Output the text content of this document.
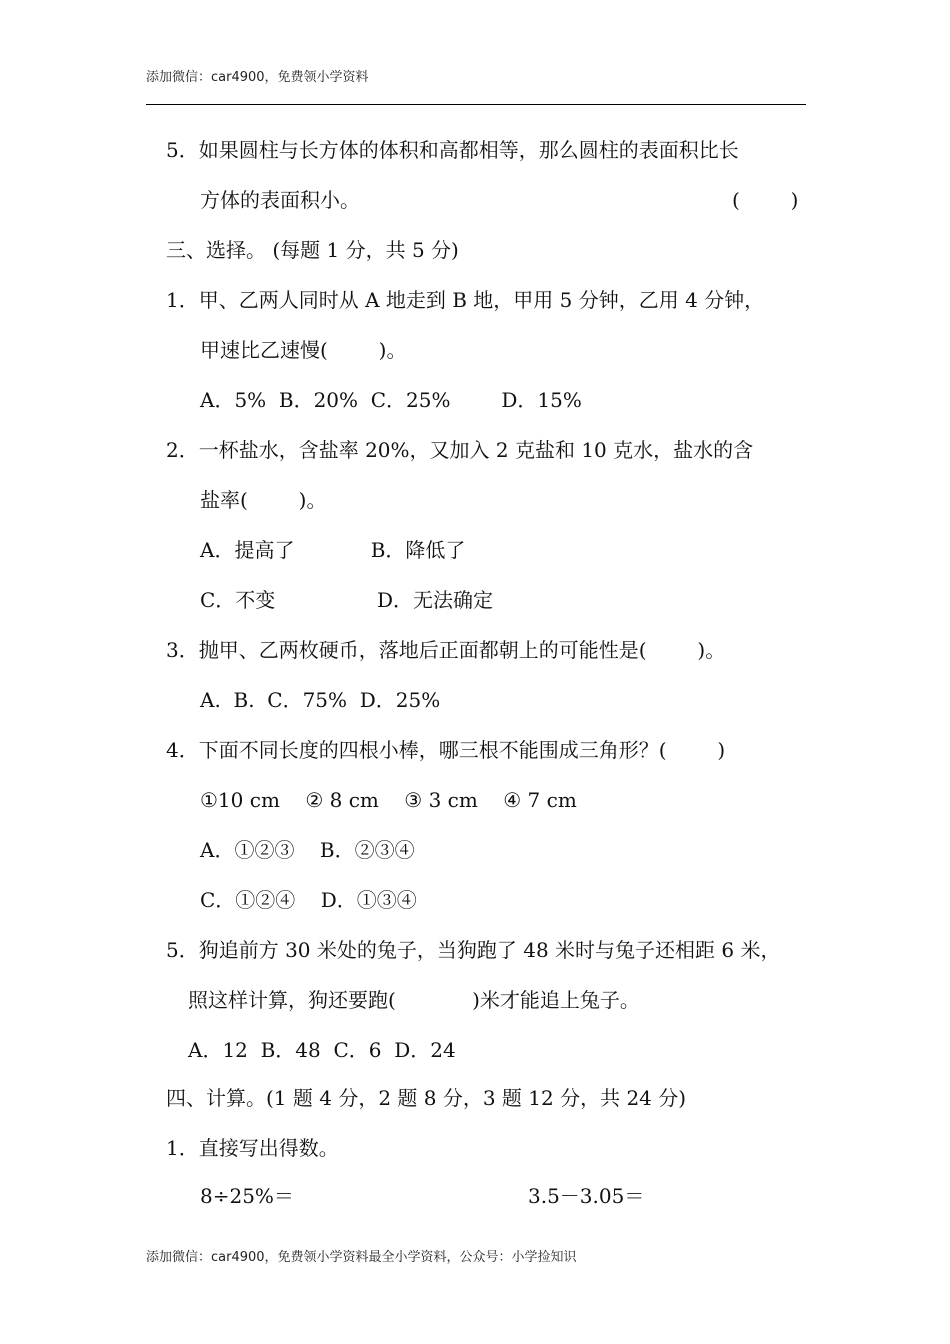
添加微信：car4900，免费领小学资料
5．如果圆柱与长方体的体积和高都相等，那么圆柱的表面积比长
方体的表面积小。	(        )
三、选择。 (每题 1 分，共 5 分)
1．甲、乙两人同时从 A 地走到 B 地，甲用 5 分钟，乙用 4 分钟，
甲速比乙速慢(        )。
A．5%  B．20%  C．25%        D．15%
2．一杯盐水，含盐率 20%，又加入 2 克盐和 10 克水，盐水的含
盐率(        )。
A．提高了            B．降低了
C．不变                D．无法确定
3．抛甲、乙两枚硬币，落地后正面都朝上的可能性是(        )。
A.  B.  C．75%  D．25%
4．下面不同长度的四根小棒，哪三根不能围成三角形？(        )
①10 cm    ② 8 cm    ③ 3 cm    ④ 7 cm
A．①②③    B．②③④
C．①②④    D．①③④
5．狗追前方 30 米处的兔子，当狗跑了 48 米时与兔子还相距 6 米，
照这样计算，狗还要跑(            )米才能追上兔子。
A．12  B．48  C．6  D．24
四、计算。(1 题 4 分，2 题 8 分，3 题 12 分，共 24 分)
1．直接写出得数。
8÷25%＝	3.5－3.05＝
添加微信：car4900，免费领小学资料最全小学资料，公众号：小学捡知识
